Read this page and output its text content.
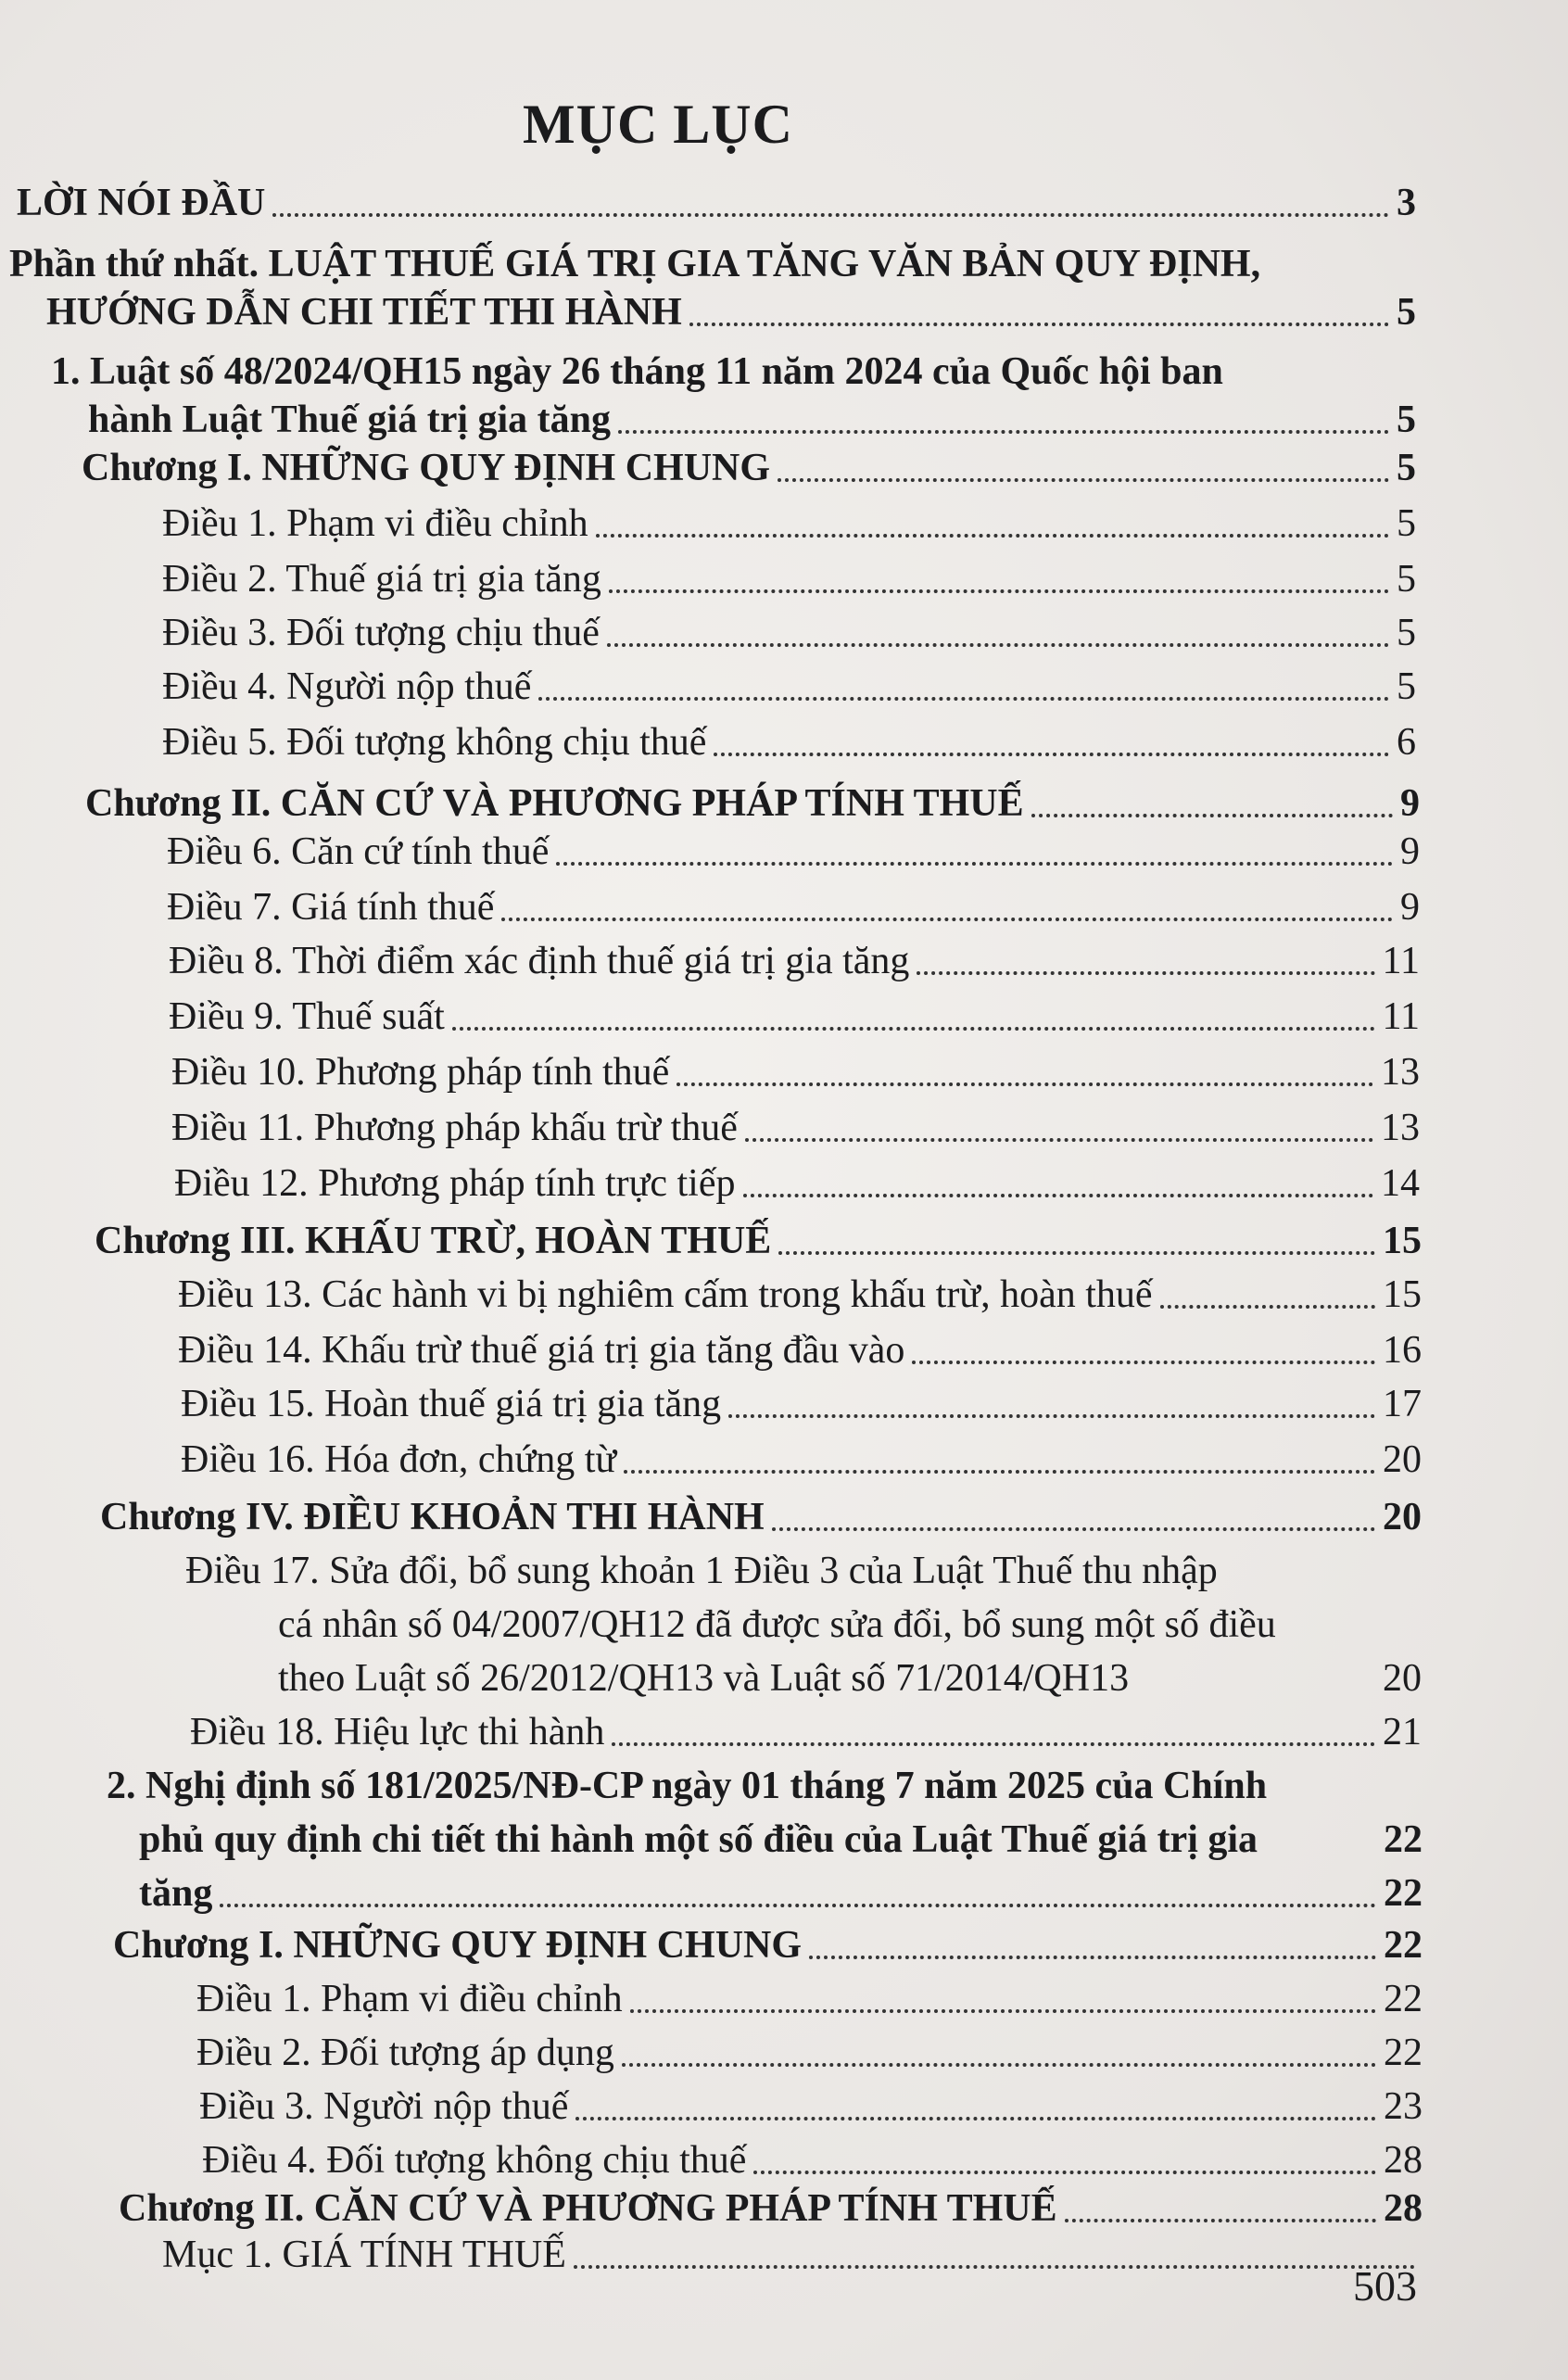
MỤC LỤC
LỜI NÓI ĐẦU	3
Phần thứ nhất. LUẬT THUẾ GIÁ TRỊ GIA TĂNG VĂN BẢN QUY ĐỊNH,
HƯỚNG DẪN CHI TIẾT THI HÀNH	5
1. Luật số 48/2024/QH15 ngày 26 tháng 11 năm 2024 của Quốc hội ban
hành Luật Thuế giá trị gia tăng	5
Chương I. NHỮNG QUY ĐỊNH CHUNG	5
Điều 1. Phạm vi điều chỉnh	5
Điều 2. Thuế giá trị gia tăng	5
Điều 3. Đối tượng chịu thuế	5
Điều 4. Người nộp thuế	5
Điều 5. Đối tượng không chịu thuế	6
Chương II. CĂN CỨ VÀ PHƯƠNG PHÁP TÍNH THUẾ	9
Điều 6. Căn cứ tính thuế	9
Điều 7. Giá tính thuế	9
Điều 8. Thời điểm xác định thuế giá trị gia tăng	11
Điều 9. Thuế suất	11
Điều 10. Phương pháp tính thuế	13
Điều 11. Phương pháp khấu trừ thuế	13
Điều 12. Phương pháp tính trực tiếp	14
Chương III. KHẤU TRỪ, HOÀN THUẾ	15
Điều 13. Các hành vi bị nghiêm cấm trong khấu trừ, hoàn thuế	15
Điều 14. Khấu trừ thuế giá trị gia tăng đầu vào	16
Điều 15. Hoàn thuế giá trị gia tăng	17
Điều 16. Hóa đơn, chứng từ	20
Chương IV. ĐIỀU KHOẢN THI HÀNH	20
Điều 17. Sửa đổi, bổ sung khoản 1 Điều 3 của Luật Thuế thu nhập
cá nhân số 04/2007/QH12 đã được sửa đổi, bổ sung một số điều
theo Luật số 26/2012/QH13 và Luật số 71/2014/QH13	20
Điều 18. Hiệu lực thi hành	21
2. Nghị định số 181/2025/NĐ-CP ngày 01 tháng 7 năm 2025 của Chính
phủ quy định chi tiết thi hành một số điều của Luật Thuế giá trị gia	22
tăng	22
Chương I. NHỮNG QUY ĐỊNH CHUNG	22
Điều 1. Phạm vi điều chỉnh	22
Điều 2. Đối tượng áp dụng	22
Điều 3. Người nộp thuế	23
Điều 4. Đối tượng không chịu thuế	28
Chương II. CĂN CỨ VÀ PHƯƠNG PHÁP TÍNH THUẾ	28
Mục 1. GIÁ TÍNH THUẾ
503
